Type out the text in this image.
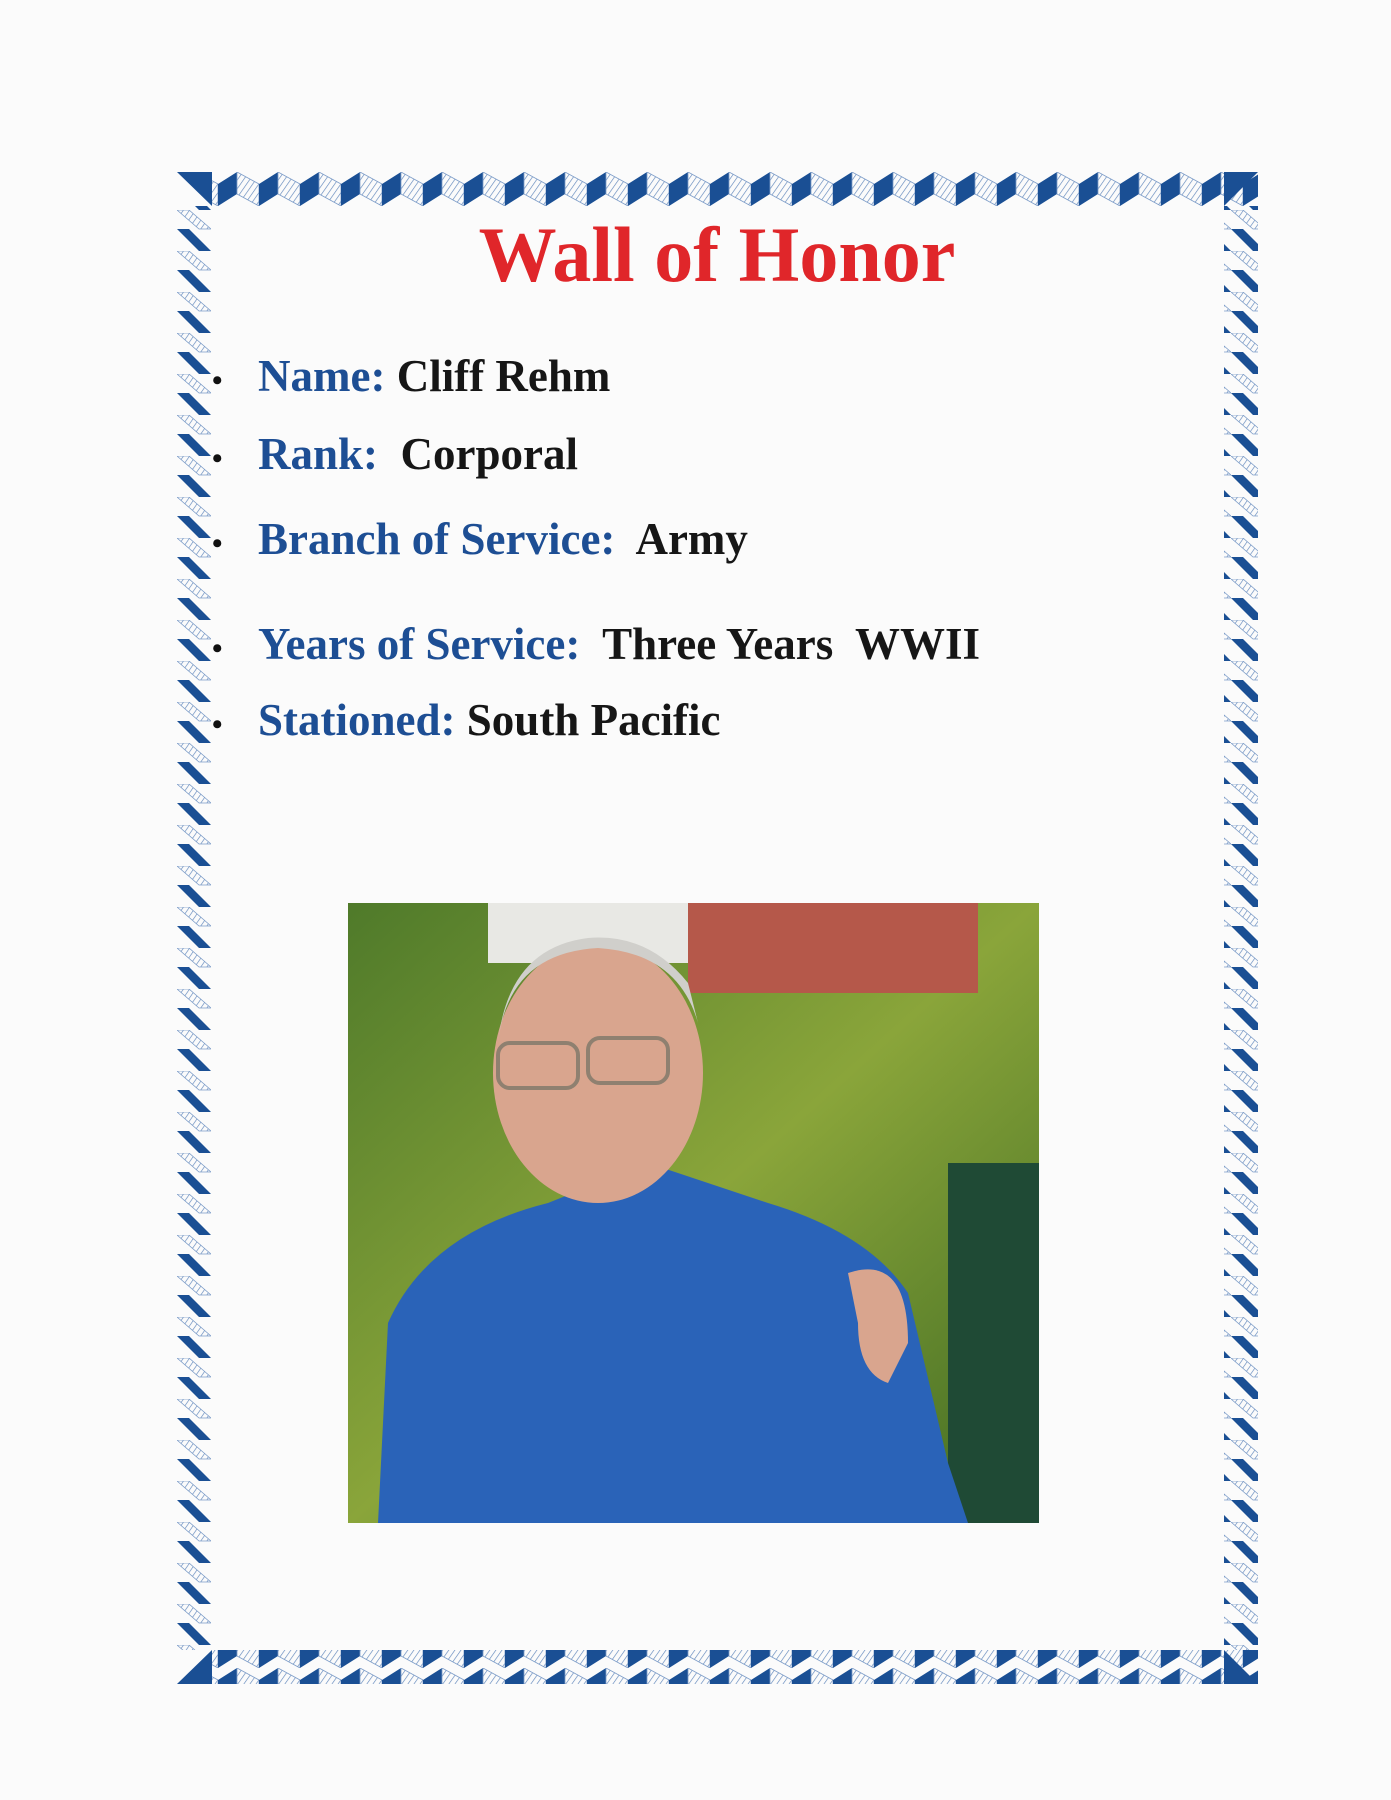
Wall of Honor
• Name: Cliff Rehm
• Rank: Corporal
• Branch of Service: Army
• Years of Service: Three Years  WWII
• Stationed: South Pacific
